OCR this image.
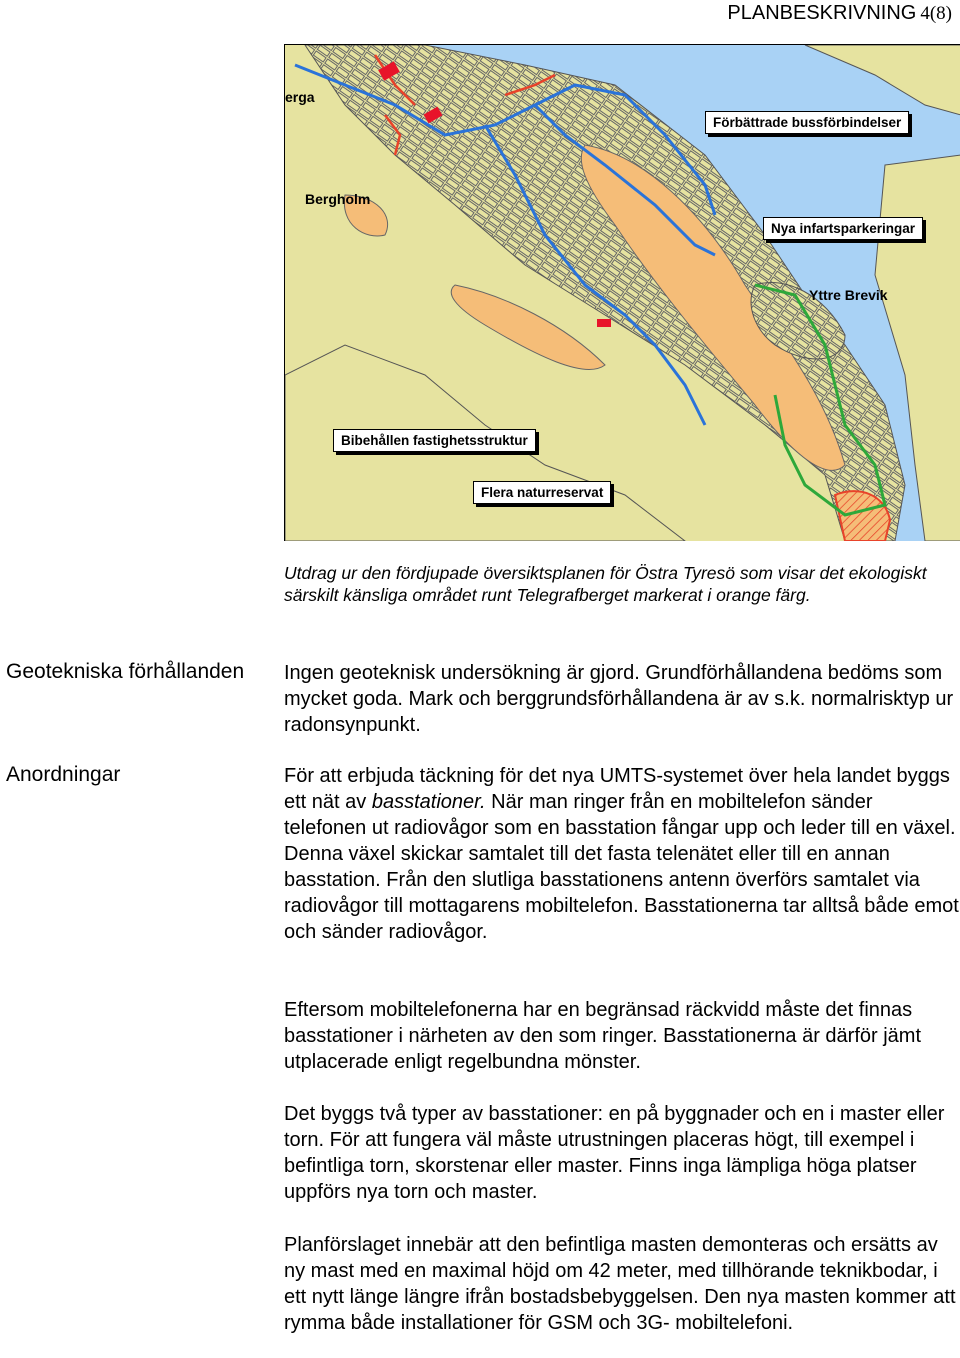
PLANBESKRIVNING 4(8)
erga
Bergholm
Yttre Brevik
Förbättrade bussförbindelser
Nya infartsparkeringar
Bibehållen fastighetsstruktur
Flera naturreservat
Utdrag ur den fördjupade översiktsplanen för Östra Tyresö som visar det ekologiskt särskilt känsliga området runt Telegrafberget markerat i orange färg.
Geotekniska förhållanden Ingen geoteknisk undersökning är gjord. Grundförhållandena bedöms som mycket goda. Mark och berggrundsförhållandena är av s.k. normalrisktyp ur radonsynpunkt.
Anordningar	För att erbjuda täckning för det nya UMTS-systemet över hela landet byggs ett nät av basstationer. När man ringer från en mobiltelefon sänder telefonen ut radiovågor som en basstation fångar upp och leder till en växel. Denna växel skickar samtalet till det fasta telenätet eller till en annan basstation. Från den slutliga basstationens antenn överförs samtalet via radiovågor till mottagarens mobiltelefon. Basstationerna tar alltså både emot och sänder radiovågor.
Eftersom mobiltelefonerna har en begränsad räckvidd måste det finnas basstationer i närheten av den som ringer. Basstationerna är därför jämt utplacerade enligt regelbundna mönster.
Det byggs två typer av basstationer: en på byggnader och en i master eller torn. För att fungera väl måste utrustningen placeras högt, till exempel i befintliga torn, skorstenar eller master. Finns inga lämpliga höga platser uppförs nya torn och master.
Planförslaget innebär att den befintliga masten demonteras och ersätts av ny mast med en maximal höjd om 42 meter, med tillhörande teknikbodar, i ett nytt länge längre ifrån bostadsbebyggelsen. Den nya masten kommer att rymma både installationer för GSM och 3G- mobiltelefoni.
